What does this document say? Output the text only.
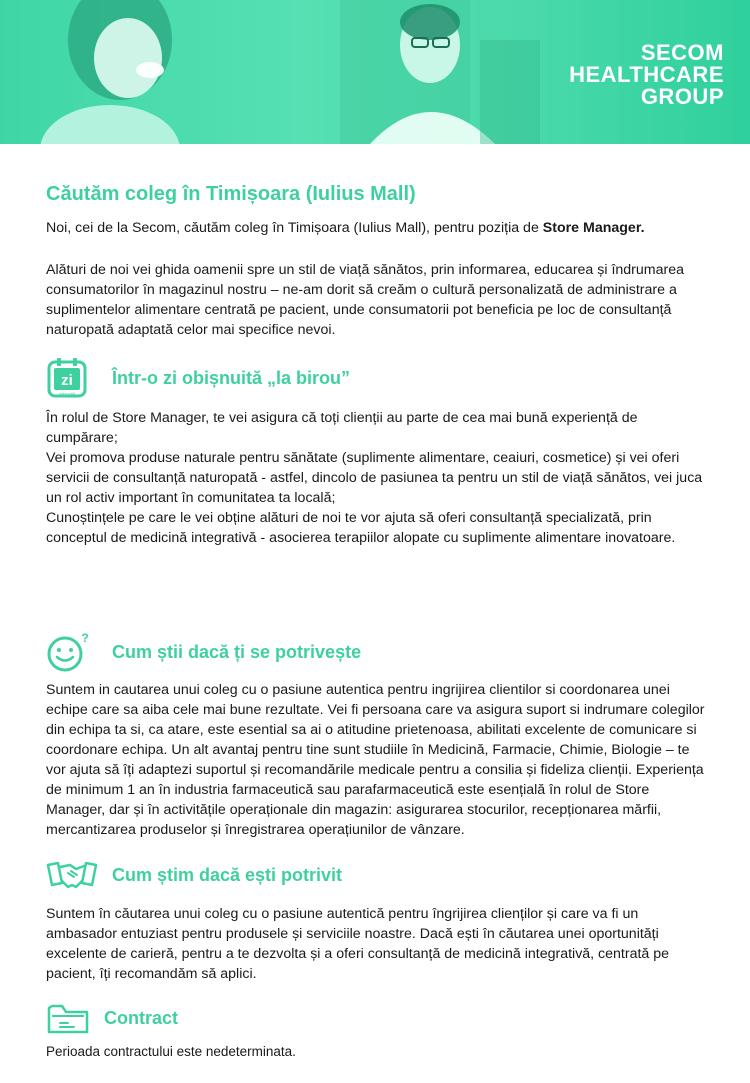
SECOM
HEALTHCARE
GROUP
Căutăm coleg în Timișoara (Iulius Mall)

Noi, cei de la Secom, căutăm coleg în Timișoara (Iulius Mall), pentru poziția de Store Manager.

Alături de noi vei ghida oamenii spre un stil de viață sănătos, prin informarea, educarea și îndrumarea consumatorilor în magazinul nostru – ne-am dorit să creăm o cultură personalizată de administrare a suplimentelor alimentare centrată pe pacient, unde consumatorii pot beneficia pe loc de consultanță naturopată adaptată celor mai specifice nevoi.

zi
obișnuită
Într-o zi obișnuită „la birou”

În rolul de Store Manager, te vei asigura că toți clienții au parte de cea mai bună experiență de cumpărare;

Vei promova produse naturale pentru sănătate (suplimente alimentare, ceaiuri, cosmetice) și vei oferi servicii de consultanță naturopată - astfel, dincolo de pasiunea ta pentru un stil de viață sănătos, vei juca un rol activ important în comunitatea ta locală;

Cunoștințele pe care le vei obține alături de noi te vor ajuta să oferi consultanță specializată, prin conceptul de medicină integrativă - asocierea terapiilor alopate cu suplimente alimentare inovatoare.

?
Cum știi dacă ți se potrivește

Suntem in cautarea unui coleg cu o pasiune autentica pentru ingrijirea clientilor si coordonarea unei echipe care sa aiba cele mai bune rezultate. Vei fi persoana care va asigura suport si indrumare colegilor din echipa ta si, ca atare, este esential sa ai o atitudine prietenoasa, abilitati excelente de comunicare si coordonare echipa. Un alt avantaj pentru tine sunt studiile în Medicină, Farmacie, Chimie, Biologie – te vor ajuta să îți adaptezi suportul și recomandările medicale pentru a consilia și fideliza clienții. Experiența de minimum 1 an în industria farmaceutică sau parafarmaceutică este esențială în rolul de Store Manager, dar și în activitățile operaționale din magazin: asigurarea stocurilor, recepționarea mărfii, mercantizarea produselor și înregistrarea operațiunilor de vânzare.

Cum știm dacă ești potrivit

Suntem în căutarea unui coleg cu o pasiune autentică pentru îngrijirea clienților și care va fi un ambasador entuziast pentru produsele și serviciile noastre. Dacă ești în căutarea unei oportunități excelente de carieră, pentru a te dezvolta și a oferi consultanță de medicină integrativă, centrată pe pacient, îți recomandăm să aplici.

Contract

Perioada contractului este nedeterminata.
